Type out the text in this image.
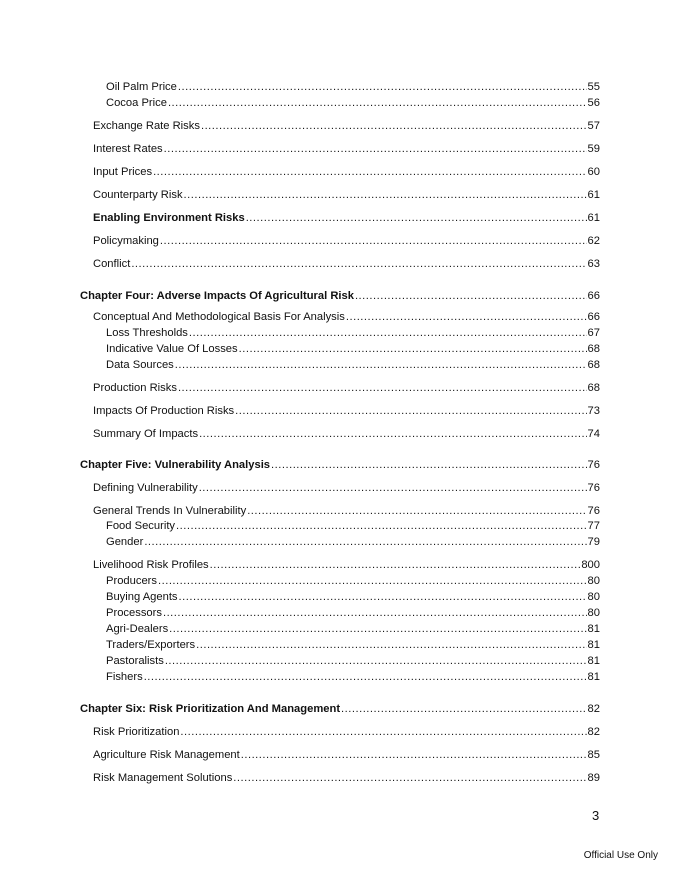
Oil Palm Price .....	55
Cocoa Price .....	56
Exchange Rate Risks .....	57
Interest Rates .....	59
Input Prices .....	60
Counterparty Risk .....	61
Enabling Environment Risks .....	61
Policymaking .....	62
Conflict .....	63
Chapter Four: Adverse Impacts Of Agricultural Risk .....	66
Conceptual And Methodological Basis For Analysis .....	66
Loss Thresholds .....	67
Indicative Value Of Losses .....	68
Data Sources .....	68
Production Risks .....	68
Impacts Of Production Risks .....	73
Summary Of Impacts .....	74
Chapter Five: Vulnerability Analysis .....	76
Defining Vulnerability .....	76
General Trends In Vulnerability .....	76
Food Security .....	77
Gender .....	79
Livelihood Risk Profiles .....	800
Producers .....	80
Buying Agents .....	80
Processors .....	80
Agri-Dealers .....	81
Traders/Exporters .....	81
Pastoralists .....	81
Fishers .....	81
Chapter Six: Risk Prioritization And Management .....	82
Risk Prioritization .....	82
Agriculture Risk Management .....	85
Risk Management Solutions .....	89
3
Official Use Only
